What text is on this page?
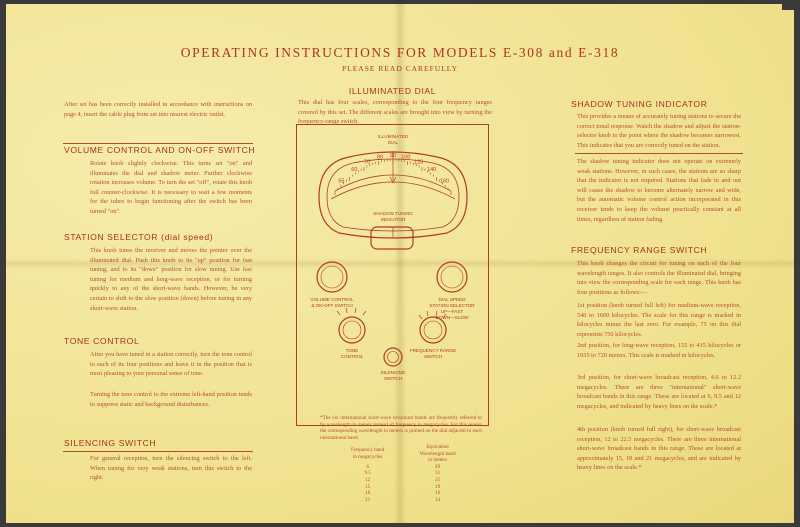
OPERATING INSTRUCTIONS FOR MODELS E-308 and E-318
PLEASE READ CAREFULLY
After set has been correctly installed in accordance with instructions on page 4, insert the cable plug from set into nearest electric outlet.
VOLUME CONTROL AND ON-OFF SWITCH
Rotate knob slightly clockwise: This turns set "on" and illuminates the dial and shadow meter. Further clockwise rotation increases volume. To turn the set "off", rotate this knob full counter-clockwise. It is necessary to wait a few moments for the tubes to begin functioning after the switch has been turned "on".
STATION SELECTOR (dial speed)
This knob tunes the receiver and moves the pointer over the illuminated dial. Push this knob to its "up" position for fast tuning, and to its "down" position for slow tuning. Use fast tuning for medium and long-wave reception, or for turning quickly to any of the short-wave bands. However, be very certain to shift to the slow position (down) before tuning in any short-wave station.
TONE CONTROL
After you have tuned in a station correctly, turn the tone control to each of its four positions and leave it in the position that is most pleasing to your personal sense of tone.
Turning the tone control to the extreme left-hand position tends to suppress static and background disturbances.
SILENCING SWITCH
For general reception, turn the silencing switch to the left. When tuning for very weak stations, turn this switch to the right.
ILLUMINATED DIAL
This dial has four scales, corresponding to the four frequency ranges covered by this set. The different scales are brought into view by turning the frequency-range switch.
55
60
70
80 90 100
120
140
160
ILLUMINATED
DIAL
SHADOW TUNING
INDICATOR
VOLUME CONTROL
& ON-OFF SWITCH
DIAL SPEED
STATION SELECTOR
UP—FAST
DOWN—SLOW
TONE
CONTROL
FREQUENCY RANGE
SWITCH
SILENCING
SWITCH
*The six international short-wave broadcast bands are frequently referred to by wavelength in meters instead of frequency in megacycles. For this reason the corresponding wavelength in meters is printed on the dial adjacent to each international band.
Frequency band
in megacycles	Equivalent
Wavelength band
in meters
6	49
9.5	31
12	25
15	19
18	16
21	14
SHADOW TUNING INDICATOR
This provides a means of accurately tuning stations to secure the correct tonal response. Watch the shadow and adjust the station-selector knob to the point where the shadow becomes narrowest. This indicates that you are correctly tuned on the station.
The shadow tuning indicator does not operate on extremely weak stations. However, in such cases, the stations are so sharp that the indicator is not required. Stations that fade in and out will cause the shadow to become alternately narrow and wide, but the automatic volume control action incorporated in this receiver tends to keep the volume practically constant at all times, regardless of station fading.
FREQUENCY RANGE SWITCH
This knob changes the circuit for tuning on each of the four wavelength ranges. It also controls the illuminated dial, bringing into view the corresponding scale for each range. This knob has four positions as follows:—
1st position (knob turned full left) for medium-wave reception, 540 to 1600 kilocycles. The scale for this range is marked in kilocycles minus the last zero. For example, 75 on this dial represents 750 kilocycles.
2nd position, for long-wave reception, 155 to 415 kilocycles or 1935 to 720 meters. This scale is marked in kilocycles.
3rd position, for short-wave broadcast reception, 4.6 to 12.2 megacycles. There are three "international" short-wave broadcast bands in this range. These are located at 6, 9.5 and 12 megacycles, and indicated by heavy lines on the scale.*
4th position (knob turned full right), for short-wave broadcast reception, 12 to 22.5 megacycles. There are three international short-wave broadcast bands in this range. These are located at approximately 15, 18 and 21 megacycles, and are indicated by heavy lines on the scale.*
